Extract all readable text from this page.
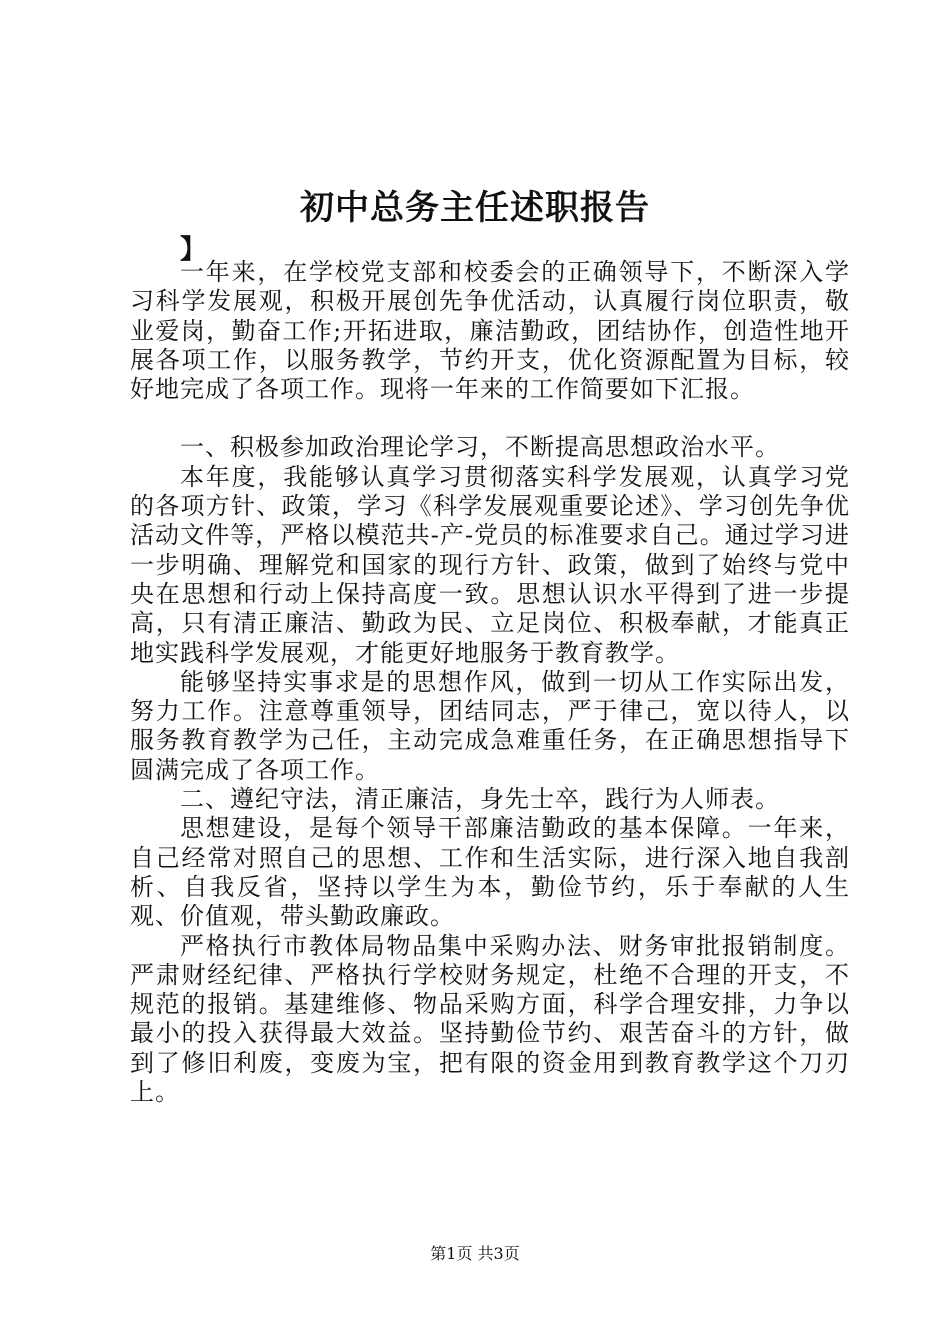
初中总务主任述职报告
】

一年来，在学校党支部和校委会的正确领导下，不断深入学习科学发展观，积极开展创先争优活动，认真履行岗位职责，敬业爱岗，勤奋工作;开拓进取，廉洁勤政，团结协作，创造性地开展各项工作，以服务教学，节约开支，优化资源配置为目标，较好地完成了各项工作。现将一年来的工作简要如下汇报。

一、积极参加政治理论学习，不断提高思想政治水平。

本年度，我能够认真学习贯彻落实科学发展观，认真学习党的各项方针、政策，学习《科学发展观重要论述》、学习创先争优活动文件等，严格以模范共-产-党员的标准要求自己。通过学习进一步明确、理解党和国家的现行方针、政策，做到了始终与党中央在思想和行动上保持高度一致。思想认识水平得到了进一步提高，只有清正廉洁、勤政为民、立足岗位、积极奉献，才能真正地实践科学发展观，才能更好地服务于教育教学。

能够坚持实事求是的思想作风，做到一切从工作实际出发，努力工作。注意尊重领导，团结同志，严于律己，宽以待人，以服务教育教学为己任，主动完成急难重任务，在正确思想指导下圆满完成了各项工作。

二、遵纪守法，清正廉洁，身先士卒，践行为人师表。

思想建设，是每个领导干部廉洁勤政的基本保障。一年来，自己经常对照自己的思想、工作和生活实际，进行深入地自我剖析、自我反省，坚持以学生为本，勤俭节约，乐于奉献的人生观、价值观，带头勤政廉政。

严格执行市教体局物品集中采购办法、财务审批报销制度。严肃财经纪律、严格执行学校财务规定，杜绝不合理的开支，不规范的报销。基建维修、物品采购方面，科学合理安排，力争以最小的投入获得最大效益。坚持勤俭节约、艰苦奋斗的方针，做到了修旧利废，变废为宝，把有限的资金用到教育教学这个刀刃上。

第1页 共3页
